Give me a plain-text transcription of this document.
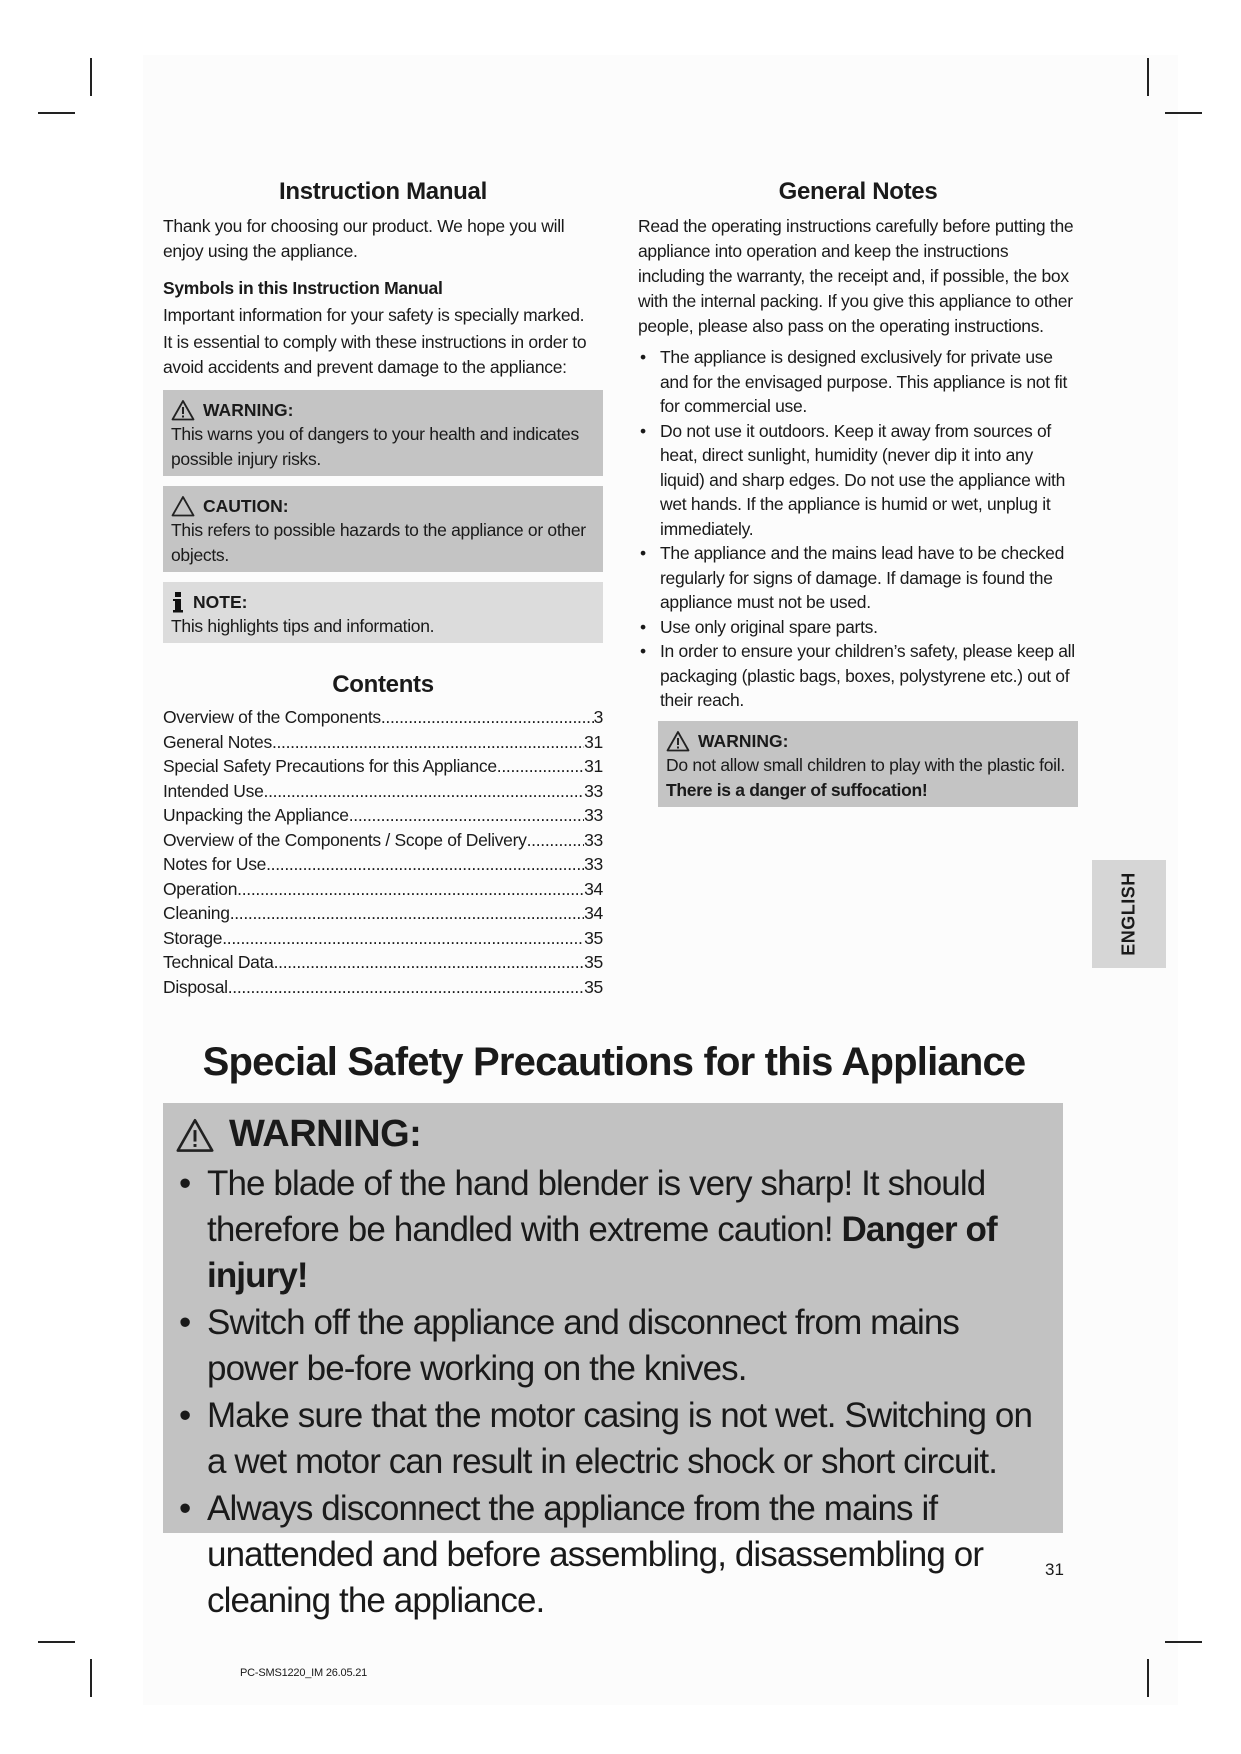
Instruction Manual

Thank you for choosing our product. We hope you will enjoy using the appliance.

Symbols in this Instruction Manual

Important information for your safety is specially marked.

It is essential to comply with these instructions in order to avoid accidents and prevent damage to the appliance:

WARNING:
This warns you of dangers to your health and indicates possible injury risks.
CAUTION:
This refers to possible hazards to the appliance or other objects.
NOTE:
This highlights tips and information.
Contents
Overview of the Components .....	3
General Notes .....	31
Special Safety Precautions for this Appliance .....	31
Intended Use .....	33
Unpacking the Appliance .....	33
Overview of the Components / Scope of Delivery .....	33
Notes for Use .....	33
Operation .....	34
Cleaning .....	34
Storage .....	35
Technical Data .....	35
Disposal .....	35
General Notes

Read the operating instructions carefully before putting the appliance into operation and keep the instructions including the warranty, the receipt and, if possible, the box with the internal packing. If you give this appliance to other people, please also pass on the operating instructions.

• The appliance is designed exclusively for private use and for the envisaged purpose. This appliance is not fit for commercial use.
• Do not use it outdoors. Keep it away from sources of heat, direct sunlight, humidity (never dip it into any liquid) and sharp edges. Do not use the appliance with wet hands. If the appliance is humid or wet, unplug it immediately.
• The appliance and the mains lead have to be checked regularly for signs of damage. If damage is found the appliance must not be used.
• Use only original spare parts.
• In order to ensure your children’s safety, please keep all packaging (plastic bags, boxes, polystyrene etc.) out of their reach.
WARNING:
Do not allow small children to play with the plastic foil.
There is a danger of suffocation!
ENGLISH
Special Safety Precautions for this Appliance
WARNING:
• The blade of the hand blender is very sharp! It should therefore be handled with extreme caution! Danger of injury!
• Switch off the appliance and disconnect from mains power be-fore working on the knives.
• Make sure that the motor casing is not wet. Switching on a wet motor can result in electric shock or short circuit.
• Always disconnect the appliance from the mains if unattended and before assembling, disassembling or cleaning the appliance.
31
PC-SMS1220_IM 26.05.21
